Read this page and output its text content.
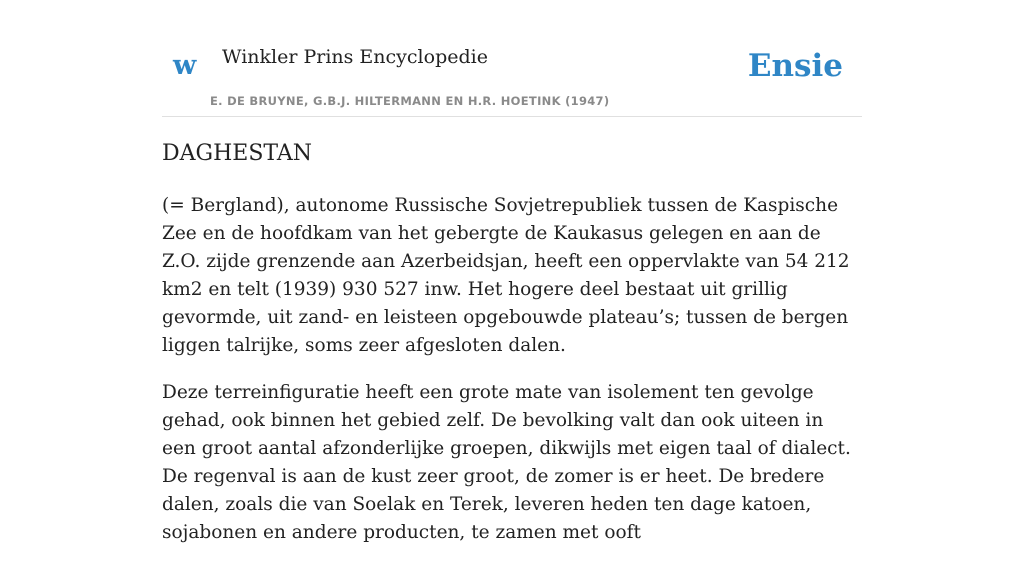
w Winkler Prins Encyclopedie
E. DE BRUYNE, G.B.J. HILTERMANN EN H.R. HOETINK (1947)
Ensie
DAGHESTAN

(= Bergland), autonome Russische Sovjetrepubliek tussen de Kaspische Zee en de hoofdkam van het gebergte de Kaukasus gelegen en aan de Z.O. zijde grenzende aan Azerbeidsjan, heeft een oppervlakte van 54 212 km2 en telt (1939) 930 527 inw. Het hogere deel bestaat uit grillig gevormde, uit zand- en leisteen opgebouwde plateau’s; tussen de bergen liggen talrijke, soms zeer afgesloten dalen.

Deze terreinfiguratie heeft een grote mate van isolement ten gevolge gehad, ook binnen het gebied zelf. De bevolking valt dan ook uiteen in een groot aantal afzonderlijke groepen, dikwijls met eigen taal of dialect. De regenval is aan de kust zeer groot, de zomer is er heet. De bredere dalen, zoals die van Soelak en Terek, leveren heden ten dage katoen, sojabonen en andere producten, te zamen met ooft
